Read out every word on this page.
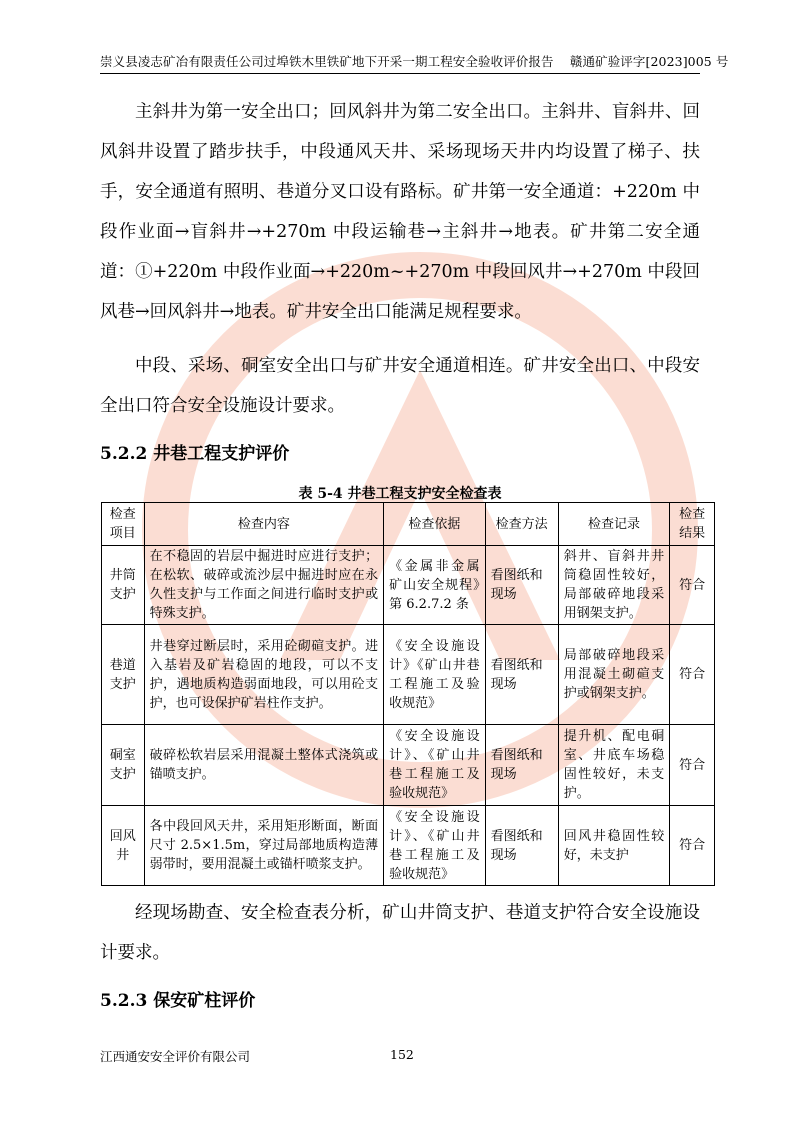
崇义县凌志矿冶有限责任公司过埠铁木里铁矿地下开采一期工程安全验收评价报告 赣通矿验评字[2023]005 号
主斜井为第一安全出口；回风斜井为第二安全出口。主斜井、盲斜井、回风斜井设置了踏步扶手，中段通风天井、采场现场天井内均设置了梯子、扶手，安全通道有照明、巷道分叉口设有路标。矿井第一安全通道：+220m 中段作业面→盲斜井→+270m 中段运输巷→主斜井→地表。矿井第二安全通道：①+220m 中段作业面→+220m~+270m 中段回风井→+270m 中段回风巷→回风斜井→地表。矿井安全出口能满足规程要求。
中段、采场、硐室安全出口与矿井安全通道相连。矿井安全出口、中段安全出口符合安全设施设计要求。
5.2.2 井巷工程支护评价
表 5-4 井巷工程支护安全检查表
检查项目	检查内容	检查依据	检查方法	检查记录	检查结果
井筒支护	在不稳固的岩层中掘进时应进行支护；在松软、破碎或流沙层中掘进时应在永久性支护与工作面之间进行临时支护或特殊支护。	《金属非金属矿山安全规程》第 6.2.7.2 条	看图纸和现场	斜井、盲斜井井筒稳固性较好，局部破碎地段采用钢架支护。	符合
巷道支护	井巷穿过断层时，采用砼砌碹支护。进入基岩及矿岩稳固的地段，可以不支护，遇地质构造弱面地段，可以用砼支护，也可设保护矿岩柱作支护。	《安全设施设计》《矿山井巷工程施工及验收规范》	看图纸和现场	局部破碎地段采用混凝土砌碹支护或钢架支护。	符合
硐室支护	破碎松软岩层采用混凝土整体式浇筑或锚喷支护。	《安全设施设计》、《矿山井巷工程施工及验收规范》	看图纸和现场	提升机、配电硐室、井底车场稳固性较好，未支护。	符合
回风井	各中段回风天井，采用矩形断面，断面尺寸 2.5×1.5m，穿过局部地质构造薄弱带时，要用混凝土或锚杆喷浆支护。	《安全设施设计》、《矿山井巷工程施工及验收规范》	看图纸和现场	回风井稳固性较好，未支护	符合
经现场勘查、安全检查表分析，矿山井筒支护、巷道支护符合安全设施设计要求。
5.2.3 保安矿柱评价
江西通安安全评价有限公司	152
